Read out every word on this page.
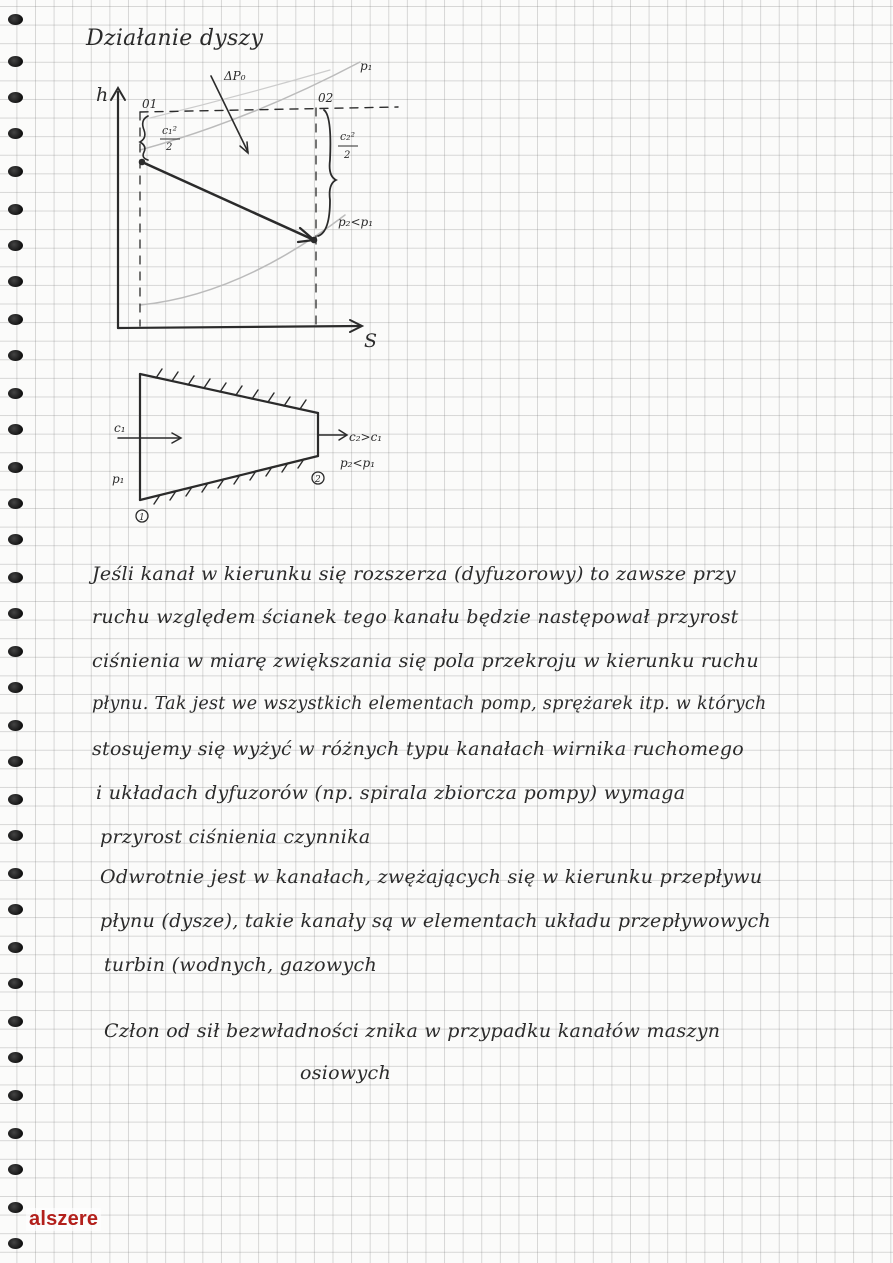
Działanie dyszy
h
S
01	02
ΔP₀
c₁²
2
c₂²
2
p₁
p₂<p₁
c₁
c₂>c₁
p₁
p₂<p₁
1
2
Jeśli kanał w kierunku się rozszerza (dyfuzorowy) to zawsze przy
ruchu względem ścianek tego kanału będzie następował przyrost
ciśnienia w miarę zwiększania się pola przekroju w kierunku ruchu
płynu. Tak jest we wszystkich elementach pomp, sprężarek itp. w których
stosujemy się wyżyć w różnych typu kanałach wirnika ruchomego
i układach dyfuzorów (np. spirala zbiorcza pompy) wymaga
przyrost ciśnienia czynnika
Odwrotnie jest w kanałach, zwężających się w kierunku przepływu
płynu (dysze), takie kanały są w elementach układu przepływowych
turbin (wodnych, gazowych
Człon od sił bezwładności znika w przypadku kanałów maszyn
osiowych
alszere
